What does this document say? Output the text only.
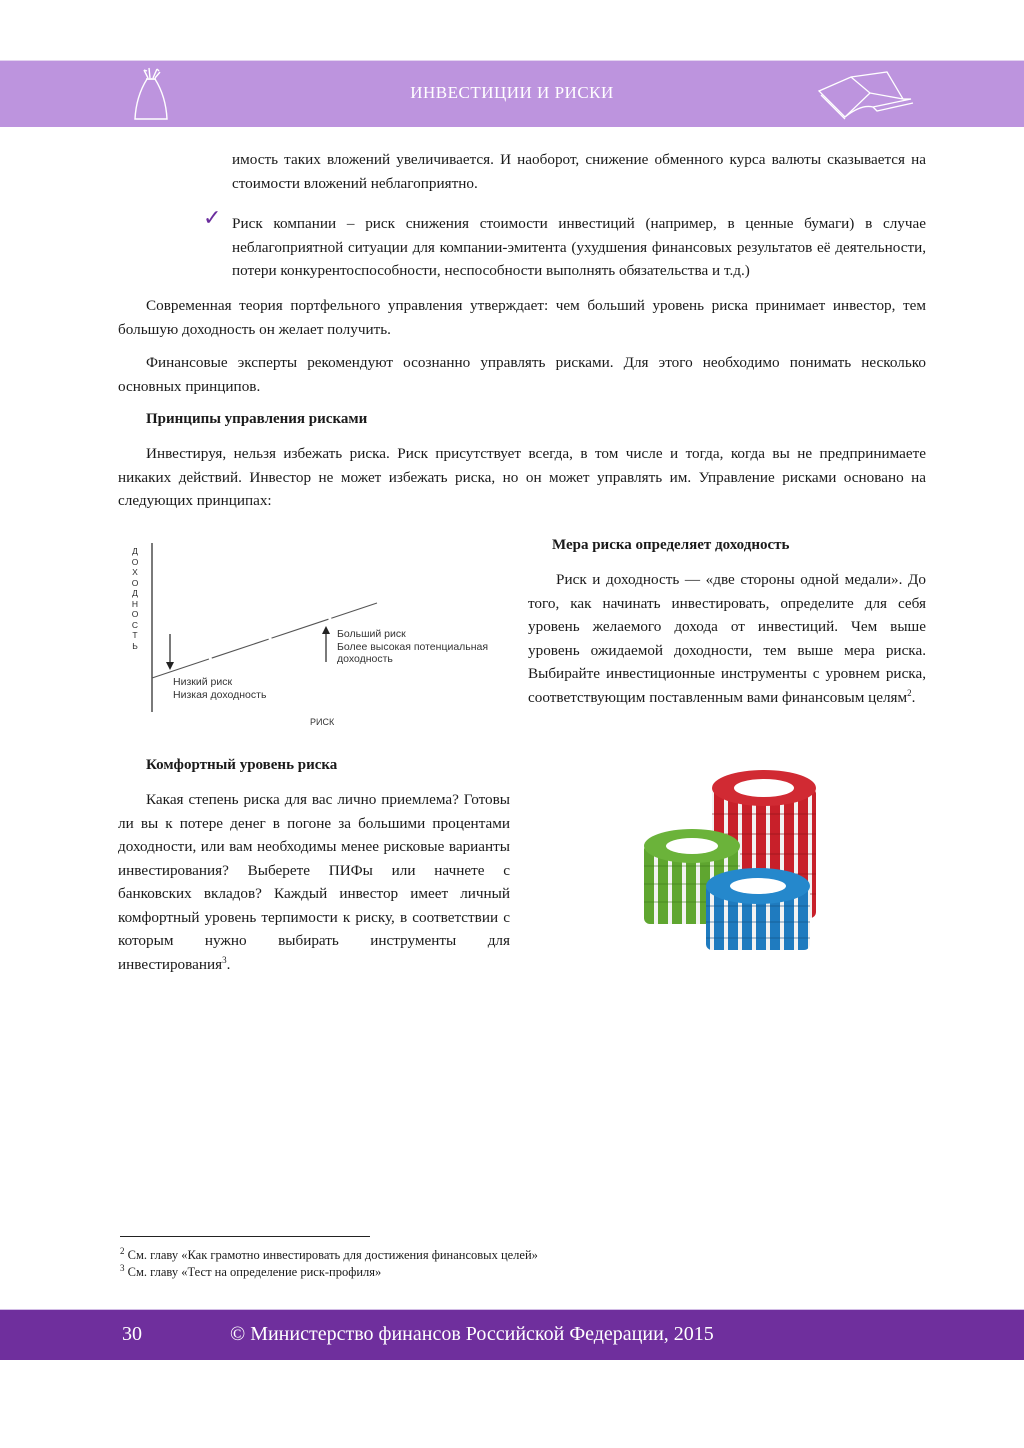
ИНВЕСТИЦИИ И РИСКИ
имость таких вложений увеличивается. И наоборот, снижение обменного курса валюты сказывается на стоимости вложений неблагоприятно.
✓ Риск компании – риск снижения стоимости инвестиций (например, в ценные бумаги) в случае неблагоприятной ситуации для компании-эмитента (ухудшения финансовых результатов её деятельности, потери конкурентоспособности, неспособности выполнять обязательства и т.д.)
Современная теория портфельного управления утверждает: чем больший уровень риска принимает инвестор, тем большую доходность он желает получить.
Финансовые эксперты рекомендуют осознанно управлять рисками. Для этого необходимо понимать несколько основных принципов.
Принципы управления рисками
Инвестируя, нельзя избежать риска. Риск присутствует всегда, в том числе и тогда, когда вы не предпринимаете никаких действий. Инвестор не может избежать риска, но он может управлять им. Управление рисками основано на следующих принципах:
Д
О
Х
О
Д
Н
О
С
Т
Ь
Больший риск
Более высокая потенциальная
доходность
Низкий риск
Низкая доходность
РИСК
Мера риска определяет доходность
Риск и доходность — «две стороны одной медали». До того, как начинать инвестировать, определите для себя уровень желаемого дохода от инвестиций. Чем выше уровень ожидаемой доходности, тем выше мера риска. Выбирайте инвестиционные инструменты с уровнем риска, соответствующим поставленным вами финансовым целям$^2$.
Комфортный уровень риска
Какая степень риска для вас лично приемлема? Готовы ли вы к потере денег в погоне за большими процентами доходности, или вам необходимы менее рисковые варианты инвестирования? Выберете ПИФы или начнете с банковских вкладов? Каждый инвестор имеет личный комфортный уровень терпимости к риску, в соответствии с которым нужно выбирать инструменты для инвестирования$^3$.
$^2$ См. главу «Как грамотно инвестировать для достижения финансовых целей»
$^3$ См. главу «Тест на определение риск-профиля»
30	© Министерство финансов Российской Федерации, 2015
